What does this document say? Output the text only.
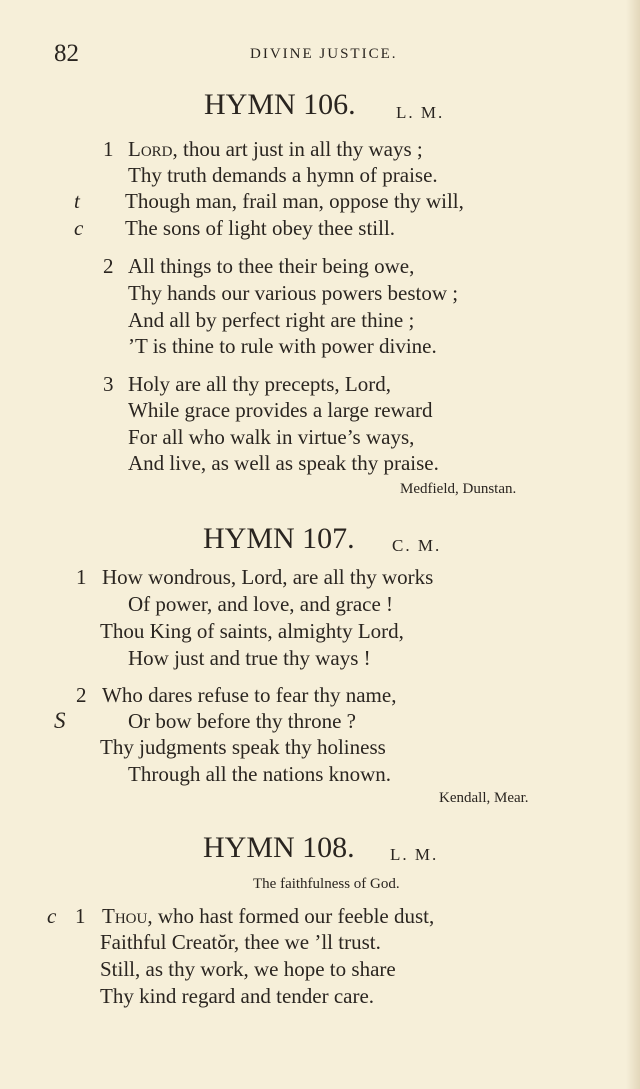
82	DIVINE JUSTICE.
HYMN 106. L. M.
1 Lord, thou art just in all thy ways ;
Thy truth demands a hymn of praise.
t Though man, frail man, oppose thy will,
c The sons of light obey thee still.
2 All things to thee their being owe,
Thy hands our various powers bestow ;
And all by perfect right are thine ;
’T is thine to rule with power divine.
3 Holy are all thy precepts, Lord,
While grace provides a large reward
For all who walk in virtue’s ways,
And live, as well as speak thy praise.
Medfield, Dunstan.
HYMN 107. C. M.
1 How wondrous, Lord, are all thy works
Of power, and love, and grace !
Thou King of saints, almighty Lord,
How just and true thy ways !
2 Who dares refuse to fear thy name,
S	Or bow before thy throne ?
Thy judgments speak thy holiness
Through all the nations known.
Kendall, Mear.
HYMN 108. L. M.
The faithfulness of God.
c 1 Thou, who hast formed our feeble dust,
Faithful Creatŏr, thee we ’ll trust.
Still, as thy work, we hope to share
Thy kind regard and tender care.
